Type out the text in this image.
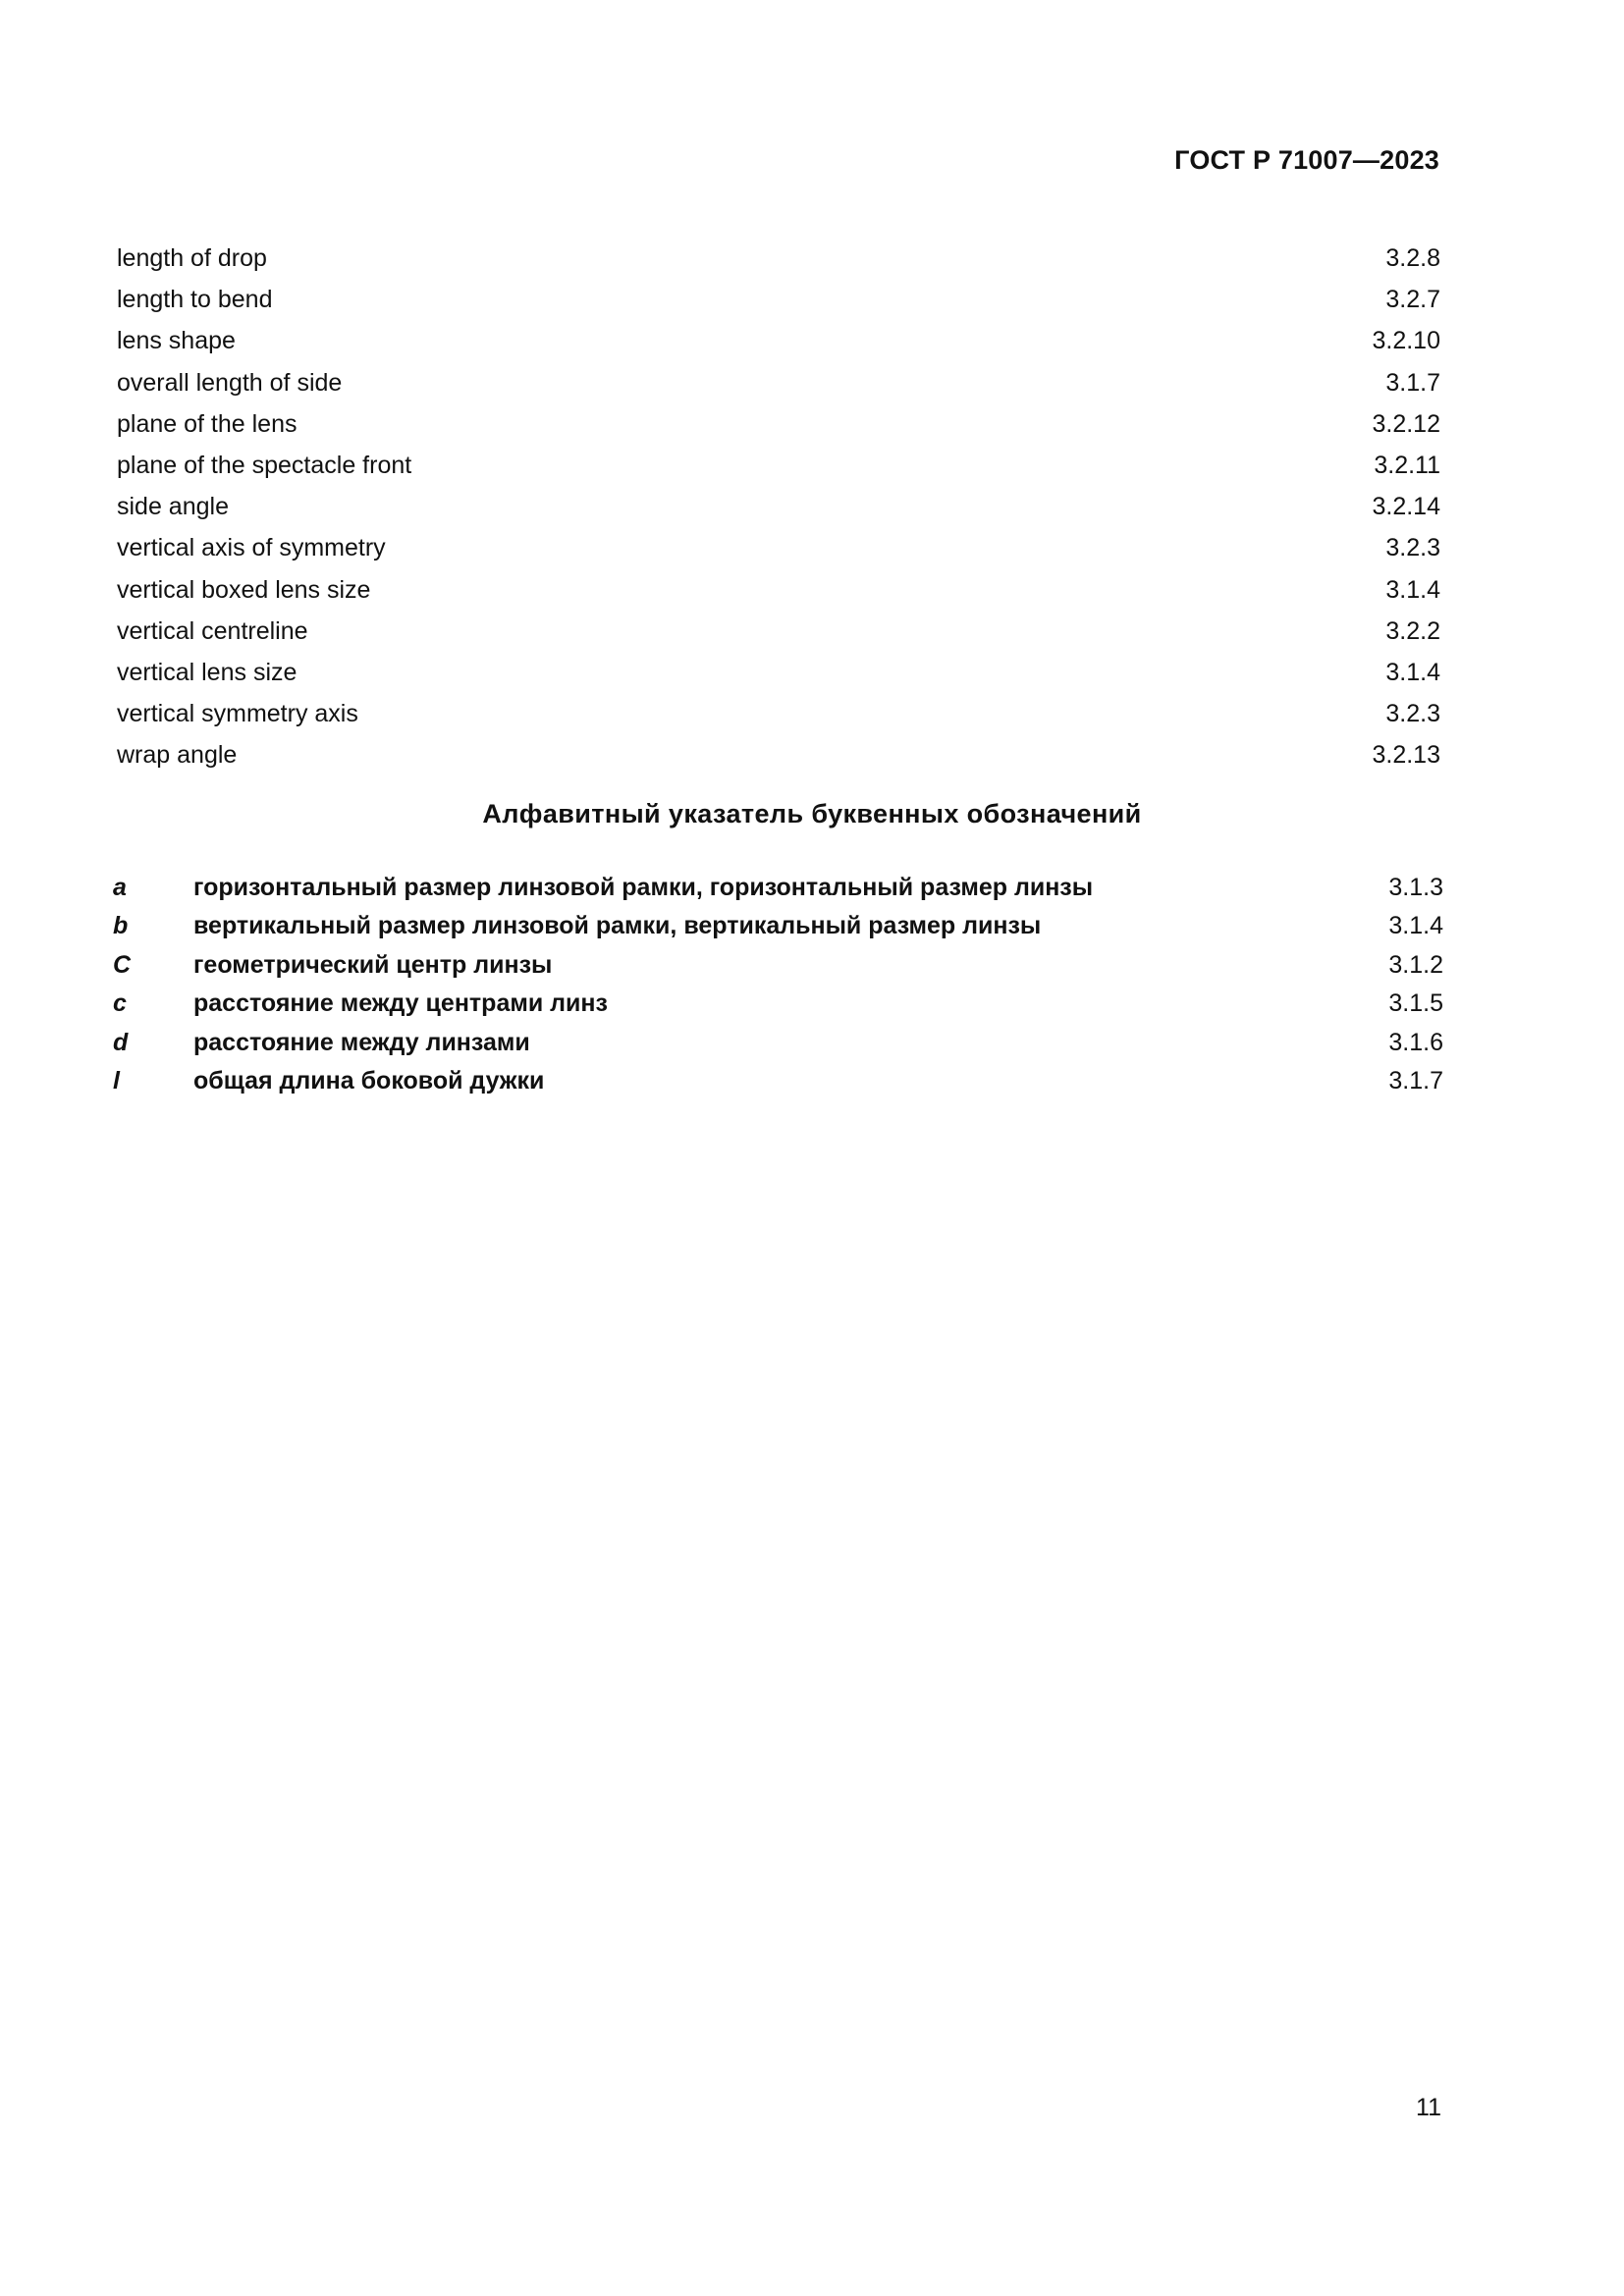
ГОСТ Р 71007—2023
length of drop	3.2.8
length to bend	3.2.7
lens shape	3.2.10
overall length of side	3.1.7
plane of the lens	3.2.12
plane of the spectacle front	3.2.11
side angle	3.2.14
vertical axis of symmetry	3.2.3
vertical boxed lens size	3.1.4
vertical centreline	3.2.2
vertical lens size	3.1.4
vertical symmetry axis	3.2.3
wrap angle	3.2.13
Алфавитный указатель буквенных обозначений
a	горизонтальный размер линзовой рамки, горизонтальный размер линзы	3.1.3
b	вертикальный размер линзовой рамки, вертикальный размер линзы	3.1.4
C	геометрический центр линзы	3.1.2
c	расстояние между центрами линз	3.1.5
d	расстояние между линзами	3.1.6
l	общая длина боковой дужки	3.1.7
11
